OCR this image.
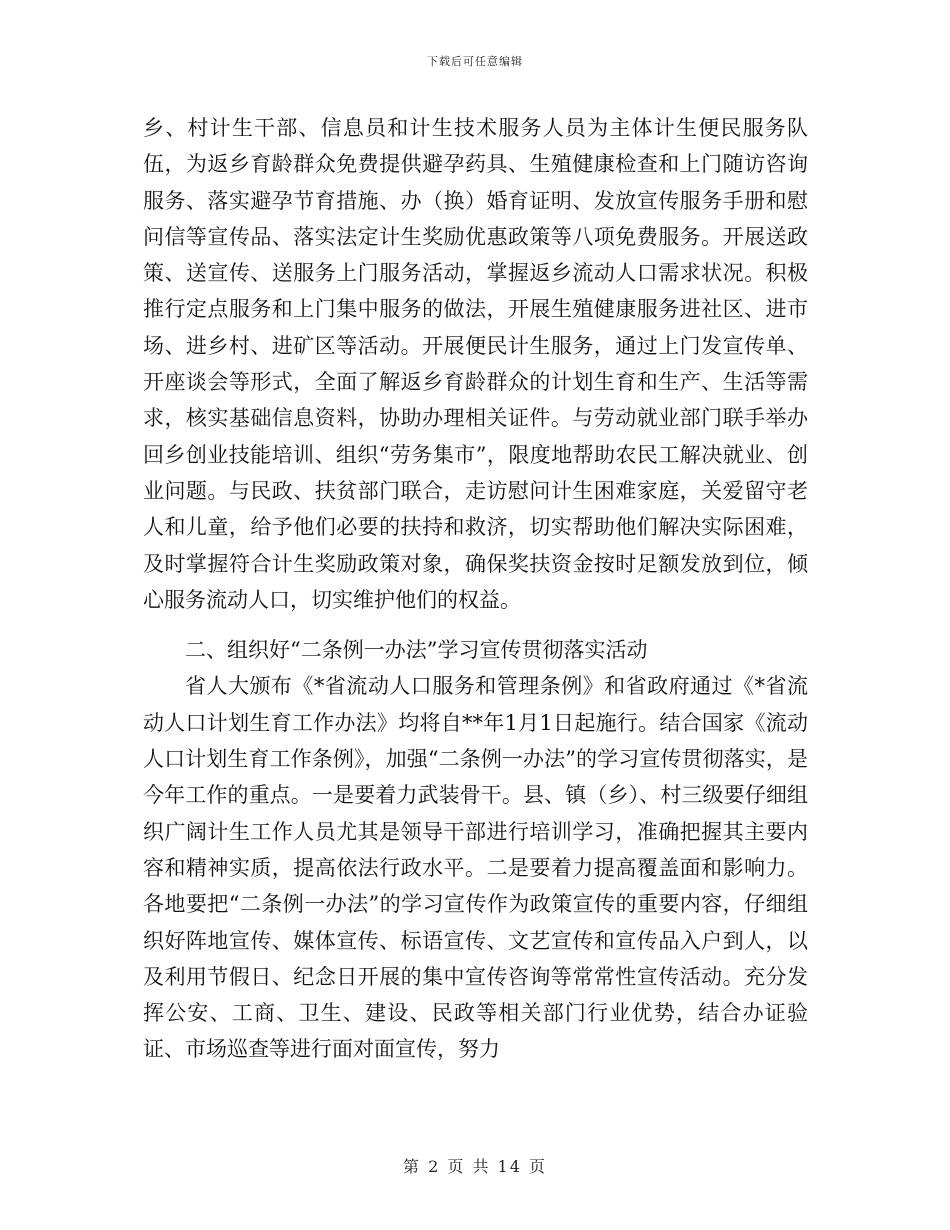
下载后可任意编辑

乡、村计生干部、信息员和计生技术服务人员为主体计生便民服务队伍，为返乡育龄群众免费提供避孕药具、生殖健康检查和上门随访咨询服务、落实避孕节育措施、办（换）婚育证明、发放宣传服务手册和慰问信等宣传品、落实法定计生奖励优惠政策等八项免费服务。开展送政策、送宣传、送服务上门服务活动，掌握返乡流动人口需求状况。积极推行定点服务和上门集中服务的做法，开展生殖健康服务进社区、进市场、进乡村、进矿区等活动。开展便民计生服务，通过上门发宣传单、开座谈会等形式，全面了解返乡育龄群众的计划生育和生产、生活等需求，核实基础信息资料，协助办理相关证件。与劳动就业部门联手举办回乡创业技能培训、组织“劳务集市”，限度地帮助农民工解决就业、创业问题。与民政、扶贫部门联合，走访慰问计生困难家庭，关爱留守老人和儿童，给予他们必要的扶持和救济，切实帮助他们解决实际困难，及时掌握符合计生奖励政策对象，确保奖扶资金按时足额发放到位，倾心服务流动人口，切实维护他们的权益。

二、组织好“二条例一办法”学习宣传贯彻落实活动

省人大颁布《*省流动人口服务和管理条例》和省政府通过《*省流动人口计划生育工作办法》均将自**年1月1日起施行。结合国家《流动人口计划生育工作条例》，加强“二条例一办法”的学习宣传贯彻落实，是今年工作的重点。一是要着力武装骨干。县、镇（乡）、村三级要仔细组织广阔计生工作人员尤其是领导干部进行培训学习，准确把握其主要内容和精神实质，提高依法行政水平。二是要着力提高覆盖面和影响力。各地要把“二条例一办法”的学习宣传作为政策宣传的重要内容，仔细组织好阵地宣传、媒体宣传、标语宣传、文艺宣传和宣传品入户到人，以及利用节假日、纪念日开展的集中宣传咨询等常常性宣传活动。充分发挥公安、工商、卫生、建设、民政等相关部门行业优势，结合办证验证、市场巡查等进行面对面宣传，努力

第 2 页 共 14 页
